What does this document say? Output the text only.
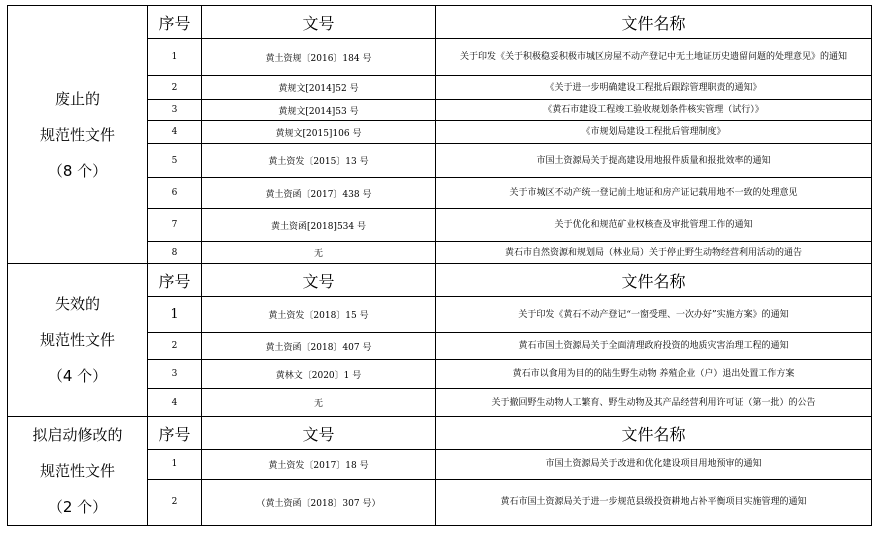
废止的
规范性文件
（8 个）	序号	文号	文件名称
	1	黄土资规〔2016〕184 号	关于印发《关于积极稳妥积极市城区房屋不动产登记中无土地证历史遗留问题的处理意见》的通知
	2	黄规文[2014]52 号	《关于进一步明确建设工程批后跟踪管理职责的通知》
	3	黄规文[2014]53 号	《黄石市建设工程竣工验收规划条件核实管理（试行）》
	4	黄规文[2015]106 号	《市规划局建设工程批后管理制度》
	5	黄土资发〔2015〕13 号	市国土资源局关于提高建设用地报件质量和报批效率的通知
	6	黄土资函〔2017〕438 号	关于市城区不动产统一登记前土地证和房产证记载用地不一致的处理意见
	7	黄土资函[2018]534 号	关于优化和规范矿业权核查及审批管理工作的通知
	8	无	黄石市自然资源和规划局（林业局）关于停止野生动物经营利用活动的通告

失效的
规范性文件
（4 个）	序号	文号	文件名称
	1	黄土资发〔2018〕15 号	关于印发《黄石不动产登记“一窗受理、一次办好”实施方案》的通知
	2	黄土资函〔2018〕407 号	黄石市国土资源局关于全面清理政府投资的地质灾害治理工程的通知
	3	黄林文〔2020〕1 号	黄石市以食用为目的的陆生野生动物 养殖企业（户）退出处置工作方案
	4	无	关于撤回野生动物人工繁育、野生动物及其产品经营利用许可证（第一批）的公告

拟启动修改的
规范性文件
（2 个）	序号	文号	文件名称
	1	黄土资发〔2017〕18 号	市国土资源局关于改进和优化建设项目用地预审的通知
	2	（黄土资函〔2018〕307 号）	黄石市国土资源局关于进一步规范县级投资耕地占补平衡项目实施管理的通知
